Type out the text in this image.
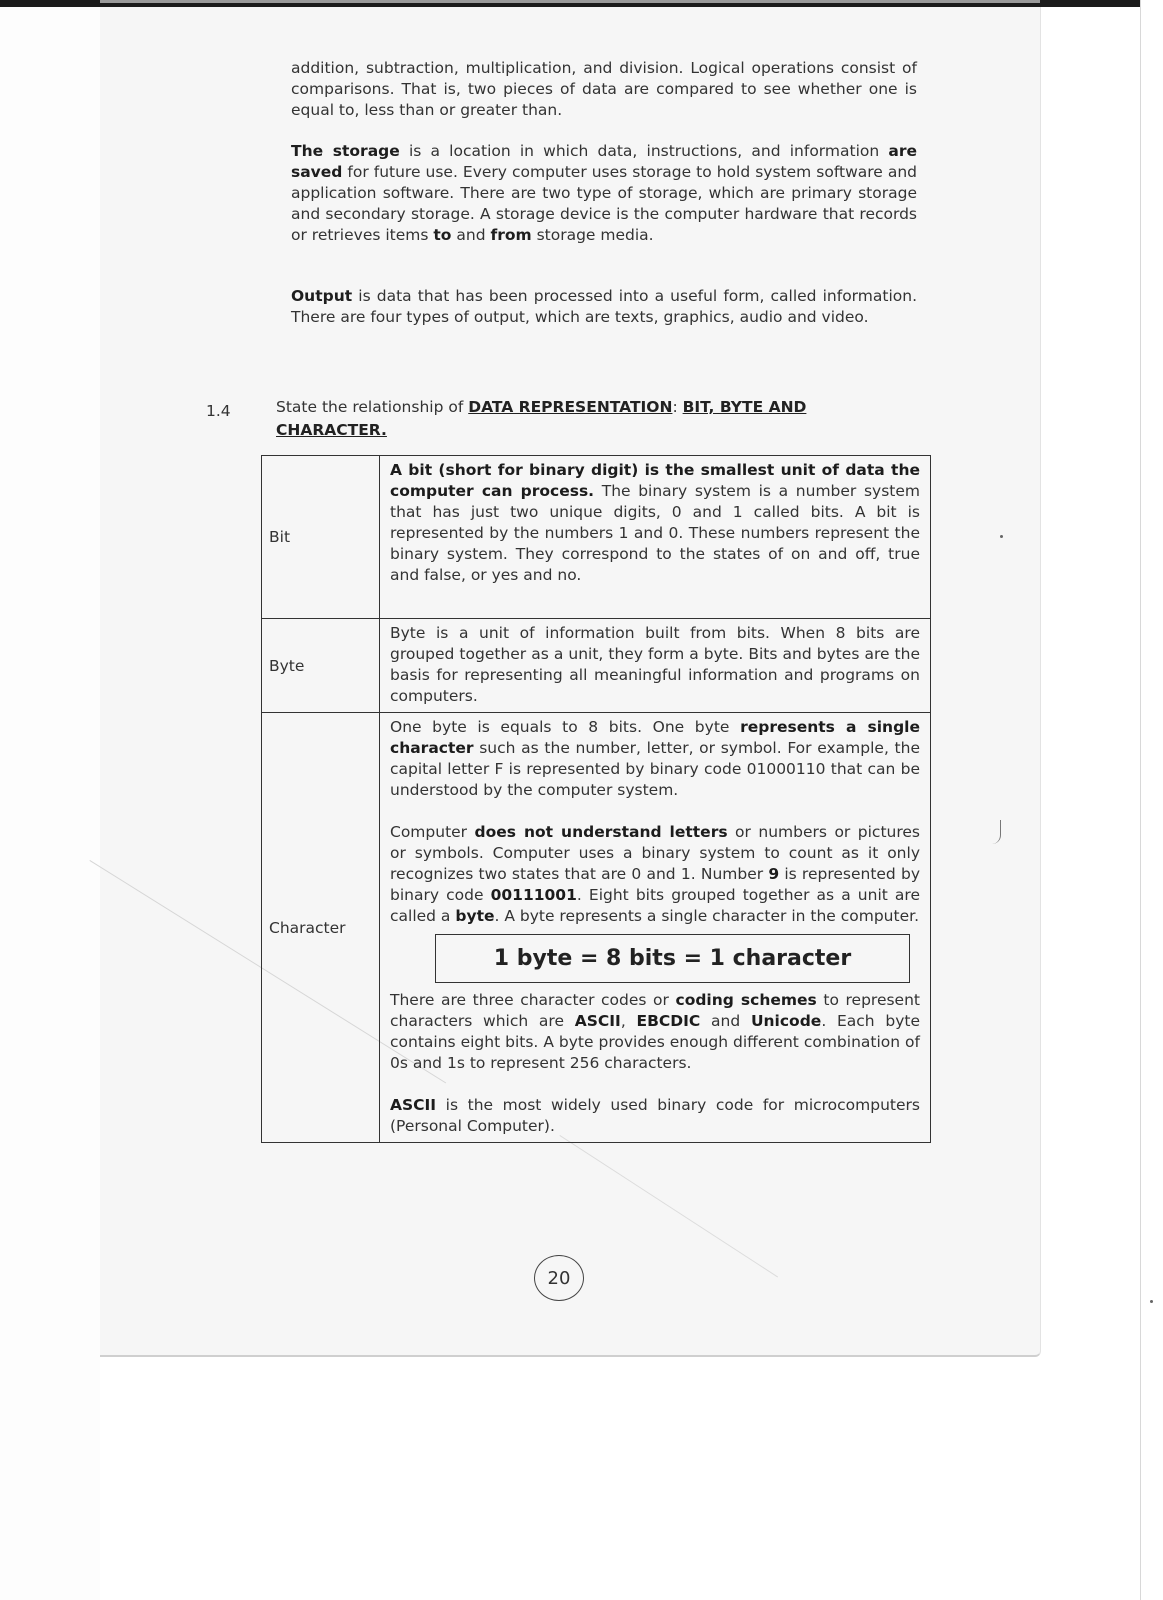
addition, subtraction, multiplication, and division. Logical operations consist of comparisons. That is, two pieces of data are compared to see whether one is equal to, less than or greater than.

The storage is a location in which data, instructions, and information are saved for future use. Every computer uses storage to hold system software and application software. There are two type of storage, which are primary storage and secondary storage. A storage device is the computer hardware that records or retrieves items to and from storage media.

Output is data that has been processed into a useful form, called information. There are four types of output, which are texts, graphics, audio and video.

1.4	State the relationship of DATA REPRESENTATION: BIT, BYTE AND CHARACTER.

Bit	A bit (short for binary digit) is the smallest unit of data the computer can process. The binary system is a number system that has just two unique digits, 0 and 1 called bits. A bit is represented by the numbers 1 and 0. These numbers represent the binary system. They correspond to the states of on and off, true and false, or yes and no.

Byte	Byte is a unit of information built from bits. When 8 bits are grouped together as a unit, they form a byte. Bits and bytes are the basis for representing all meaningful information and programs on computers.

Character	One byte is equals to 8 bits. One byte represents a single character such as the number, letter, or symbol. For example, the capital letter F is represented by binary code 01000110 that can be understood by the computer system.

Computer does not understand letters or numbers or pictures or symbols. Computer uses a binary system to count as it only recognizes two states that are 0 and 1. Number 9 is represented by binary code 00111001. Eight bits grouped together as a unit are called a byte. A byte represents a single character in the computer.

1 byte = 8 bits = 1 character

There are three character codes or coding schemes to represent characters which are ASCII, EBCDIC and Unicode. Each byte contains eight bits. A byte provides enough different combination of 0s and 1s to represent 256 characters.

ASCII is the most widely used binary code for microcomputers (Personal Computer).

20
